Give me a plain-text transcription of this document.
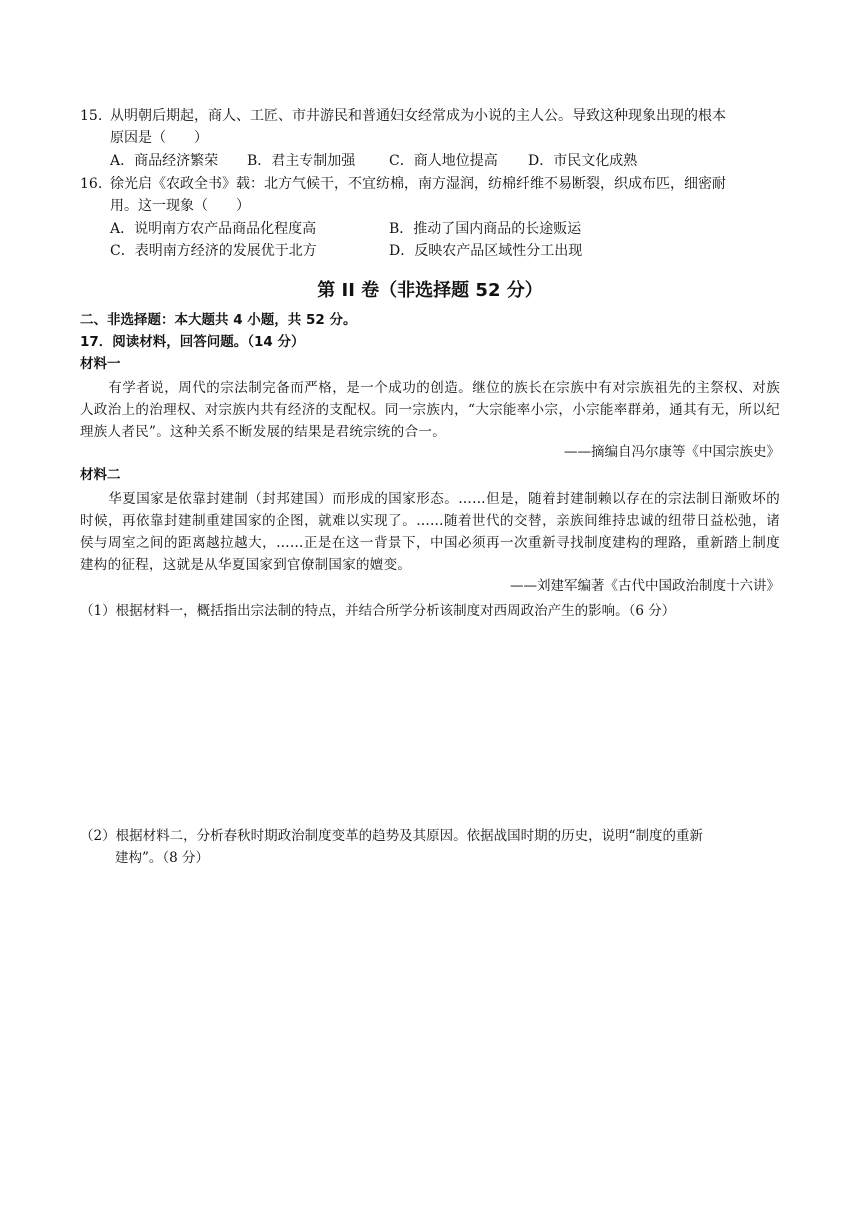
15. 从明朝后期起，商人、工匠、市井游民和普通妇女经常成为小说的主人公。导致这种现象出现的根本
原因是（　　）
A．商品经济繁荣 B．君主专制加强 C．商人地位提高 D．市民文化成熟
16. 徐光启《农政全书》载：北方气候干，不宜纺棉，南方湿润，纺棉纤维不易断裂，织成布匹，细密耐
用。这一现象（　　）
A．说明南方农产品商品化程度高	B．推动了国内商品的长途贩运
C．表明南方经济的发展优于北方	D．反映农产品区域性分工出现
第 II 卷（非选择题 52 分）
二、非选择题：本大题共 4 小题，共 52 分。
17．阅读材料，回答问题。（14 分）
材料一
有学者说，周代的宗法制完备而严格，是一个成功的创造。继位的族长在宗族中有对宗族祖先的主祭权、对族人政治上的治理权、对宗族内共有经济的支配权。同一宗族内，“大宗能率小宗，小宗能率群弟，通其有无，所以纪理族人者民”。这种关系不断发展的结果是君统宗统的合一。
——摘编自冯尔康等《中国宗族史》
材料二
华夏国家是依靠封建制（封邦建国）而形成的国家形态。……但是，随着封建制赖以存在的宗法制日渐败坏的时候，再依靠封建制重建国家的企图，就难以实现了。……随着世代的交替，亲族间维持忠诚的纽带日益松弛，诸侯与周室之间的距离越拉越大，……正是在这一背景下，中国必须再一次重新寻找制度建构的理路，重新踏上制度建构的征程，这就是从华夏国家到官僚制国家的嬗变。
——刘建军编著《古代中国政治制度十六讲》
（1）根据材料一，概括指出宗法制的特点，并结合所学分析该制度对西周政治产生的影响。（6 分）
（2）根据材料二，分析春秋时期政治制度变革的趋势及其原因。依据战国时期的历史，说明“制度的重新
建构”。（8 分）
